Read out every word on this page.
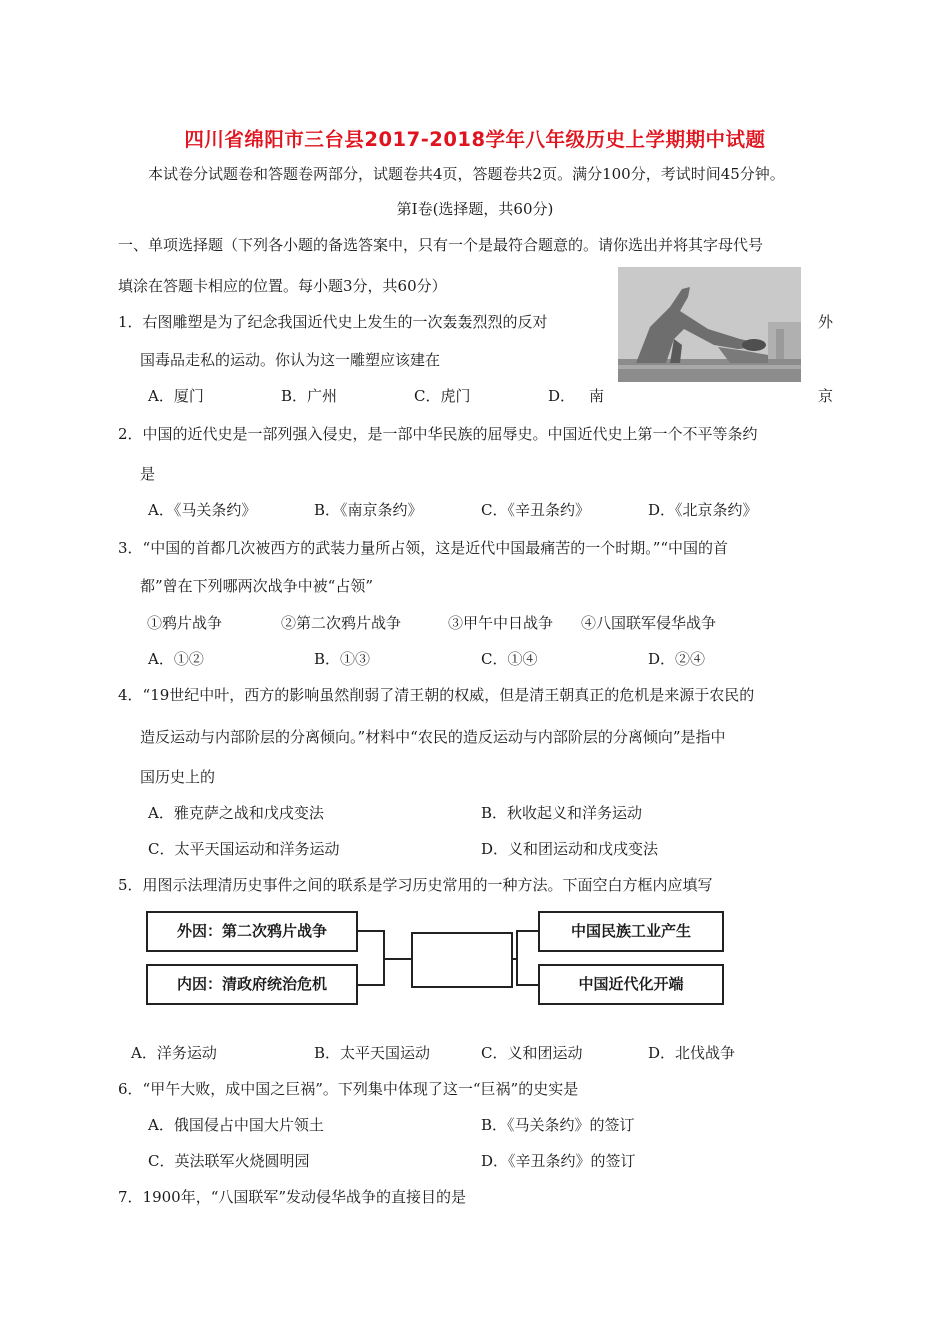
四川省绵阳市三台县2017-2018学年八年级历史上学期期中试题
本试卷分试题卷和答题卷两部分，试题卷共4页，答题卷共2页。满分100分，考试时间45分钟。
第Ⅰ卷(选择题，共60分)
一、单项选择题（下列各小题的备选答案中，只有一个是最符合题意的。请你选出并将其字母代号
填涂在答题卡相应的位置。每小题3分，共60分）
1．右图雕塑是为了纪念我国近代史上发生的一次轰轰烈烈的反对	外
国毒品走私的运动。你认为这一雕塑应该建在
A．厦门	B．广州	C．虎门	D． 南	京
2．中国的近代史是一部列强入侵史，是一部中华民族的屈辱史。中国近代史上第一个不平等条约
是
A．《马关条约》	B．《南京条约》	C．《辛丑条约》	D．《北京条约》
3．“中国的首都几次被西方的武装力量所占领，这是近代中国最痛苦的一个时期。”“中国的首
都”曾在下列哪两次战争中被“占领”
①鸦片战争	②第二次鸦片战争	③甲午中日战争 ④八国联军侵华战争
A．①②	B．①③	C．①④	D．②④
4．“19世纪中叶，西方的影响虽然削弱了清王朝的权威，但是清王朝真正的危机是来源于农民的
造反运动与内部阶层的分离倾向。”材料中“农民的造反运动与内部阶层的分离倾向”是指中
国历史上的
A．雅克萨之战和戊戌变法	B．秋收起义和洋务运动
C．太平天国运动和洋务运动	D．义和团运动和戊戌变法
5．用图示法理清历史事件之间的联系是学习历史常用的一种方法。下面空白方框内应填写
外因：第二次鸦片战争
内因：清政府统治危机
中国民族工业产生
中国近代化开端
A．洋务运动	B．太平天国运动	C．义和团运动	D．北伐战争
6．“甲午大败，成中国之巨祸”。下列集中体现了这一“巨祸”的史实是
A．俄国侵占中国大片领土	B．《马关条约》的签订
C．英法联军火烧圆明园	D．《辛丑条约》的签订
7．1900年，“八国联军”发动侵华战争的直接目的是
